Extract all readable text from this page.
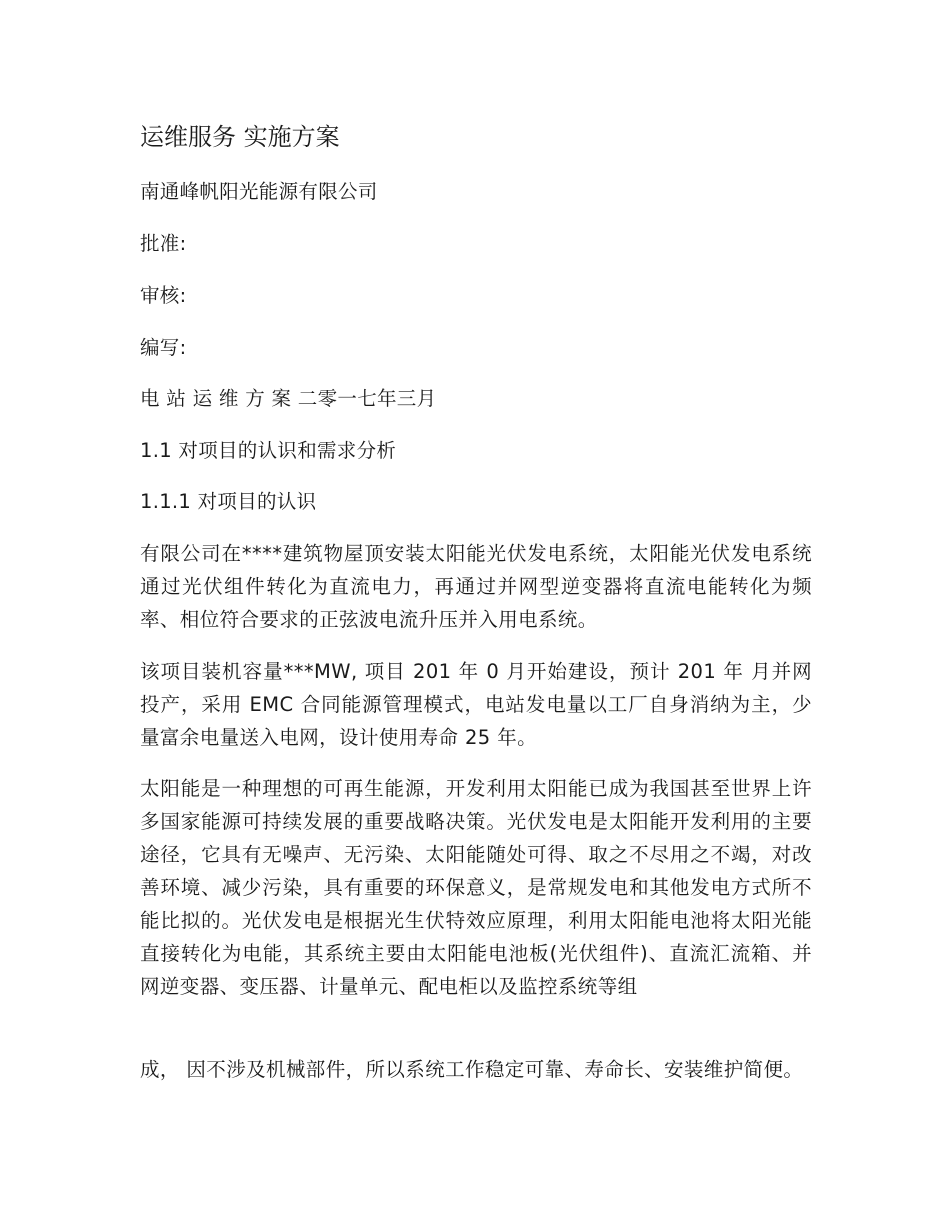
运维服务 实施方案
南通峰帆阳光能源有限公司
批准:
审核:
编写:
电 站 运 维 方 案 二零一七年三月
1.1 对项目的认识和需求分析
1.1.1 对项目的认识
有限公司在****建筑物屋顶安装太阳能光伏发电系统，太阳能光伏发电系统通过光伏组件转化为直流电力，再通过并网型逆变器将直流电能转化为频率、相位符合要求的正弦波电流升压并入用电系统。
该项目装机容量***MW, 项目 201 年 0 月开始建设，预计 201 年 月并网投产，采用 EMC 合同能源管理模式，电站发电量以工厂自身消纳为主，少量富余电量送入电网，设计使用寿命 25 年。
太阳能是一种理想的可再生能源，开发利用太阳能已成为我国甚至世界上许多国家能源可持续发展的重要战略决策。光伏发电是太阳能开发利用的主要途径，它具有无噪声、无污染、太阳能随处可得、取之不尽用之不竭，对改善环境、减少污染，具有重要的环保意义，是常规发电和其他发电方式所不能比拟的。光伏发电是根据光生伏特效应原理，利用太阳能电池将太阳光能直接转化为电能，其系统主要由太阳能电池板(光伏组件)、直流汇流箱、并网逆变器、变压器、计量单元、配电柜以及监控系统等组
成， 因不涉及机械部件，所以系统工作稳定可靠、寿命长、安装维护简便。
